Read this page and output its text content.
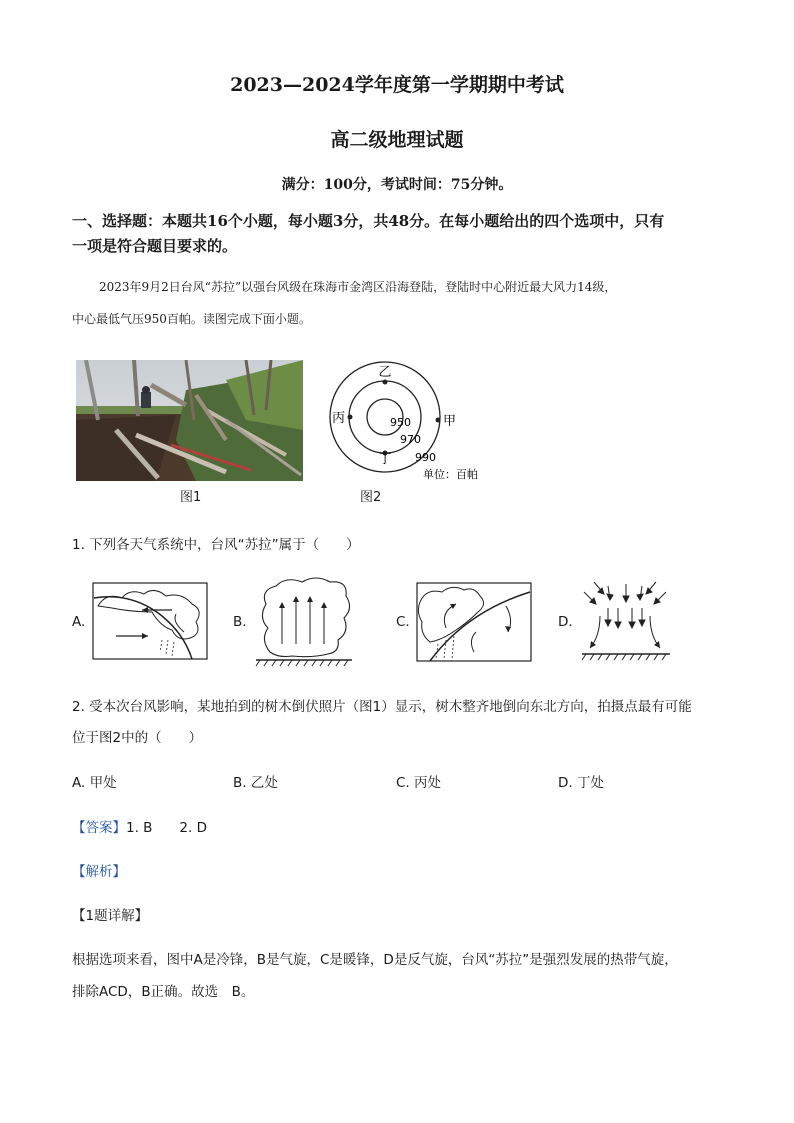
2023—2024学年度第一学期期中考试
高二级地理试题
满分：100分，考试时间：75分钟。
一、选择题：本题共16个小题，每小题3分，共48分。在每小题给出的四个选项中，只有
一项是符合题目要求的。
2023年9月2日台风“苏拉”以强台风级在珠海市金湾区沿海登陆，登陆时中心附近最大风力14级，
中心最低气压950百帕。读图完成下面小题。
图1
乙
丙	甲
丁
950
970
990
单位：百帕
图2
1. 下列各天气系统中，台风“苏拉”属于（　　）
A.	B.	C.	D.
2. 受本次台风影响，某地拍到的树木倒伏照片（图1）显示，树木整齐地倒向东北方向，拍摄点最有可能
位于图2中的（　　）
A. 甲处	B. 乙处	C. 丙处	D. 丁处
【答案】1. B　　2. D
【解析】
【1题详解】
根据选项来看，图中A是冷锋，B是气旋，C是暖锋，D是反气旋，台风“苏拉”是强烈发展的热带气旋，
排除ACD，B正确。故选　B。
